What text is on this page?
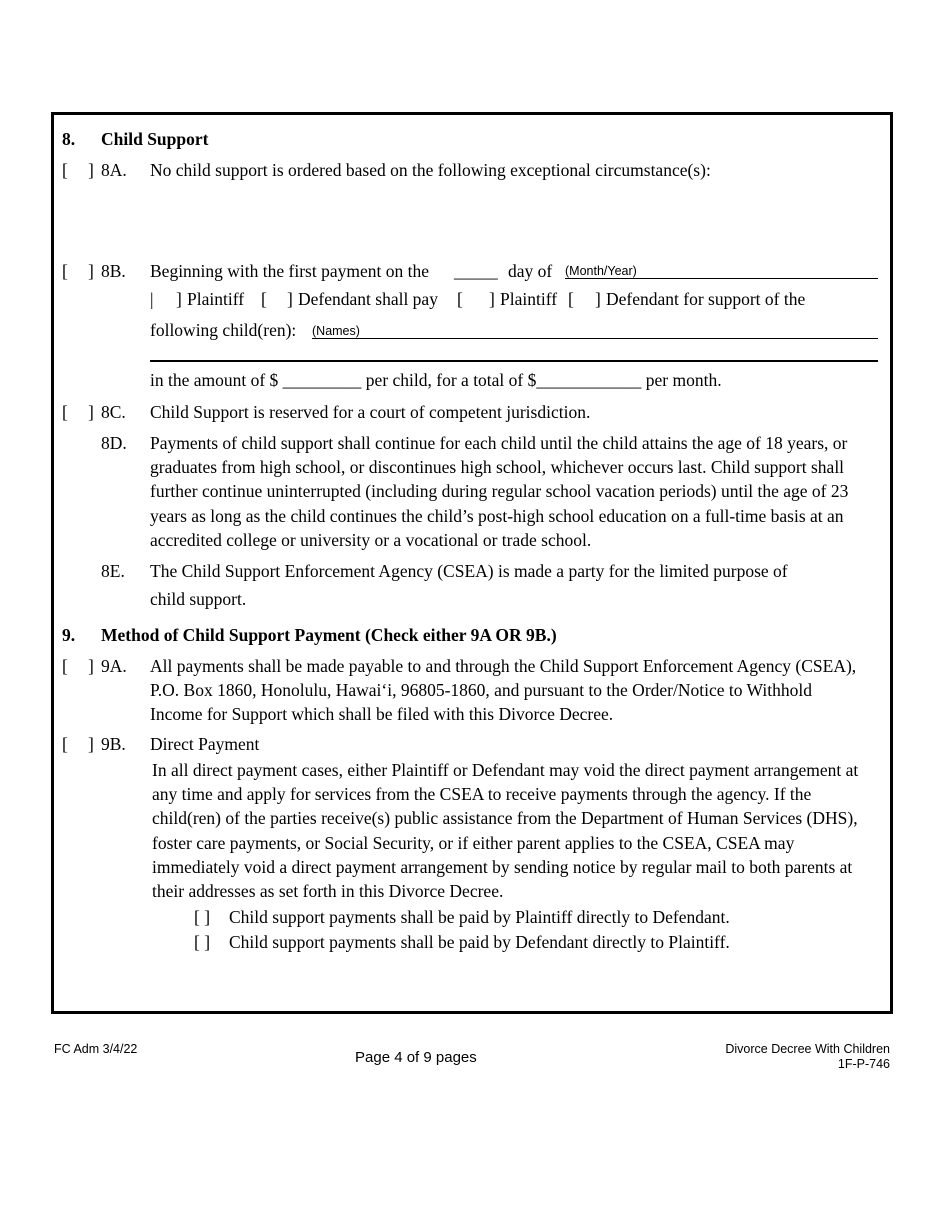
8. Child Support
[ ] 8A. No child support is ordered based on the following exceptional circumstance(s):
[ ] 8B. Beginning with the first payment on the _____ day of (Month/Year)
| ] Plaintiff [ ] Defendant shall pay [ ] Plaintiff [ ] Defendant for support of the
following child(ren): (Names)
in the amount of $ _________ per child, for a total of $____________ per month.
[ ] 8C. Child Support is reserved for a court of competent jurisdiction.
8D. Payments of child support shall continue for each child until the child attains the age of 18 years, or graduates from high school, or discontinues high school, whichever occurs last. Child support shall further continue uninterrupted (including during regular school vacation periods) until the age of 23 years as long as the child continues the child’s post-high school education on a full-time basis at an accredited college or university or a vocational or trade school.
8E. The Child Support Enforcement Agency (CSEA) is made a party for the limited purpose of
child support.
9. Method of Child Support Payment (Check either 9A OR 9B.)
[ ] 9A. All payments shall be made payable to and through the Child Support Enforcement Agency (CSEA), P.O. Box 1860, Honolulu, Hawai‘i, 96805-1860, and pursuant to the Order/Notice to Withhold Income for Support which shall be filed with this Divorce Decree.
[ ] 9B. Direct Payment
In all direct payment cases, either Plaintiff or Defendant may void the direct payment arrangement at any time and apply for services from the CSEA to receive payments through the agency. If the child(ren) of the parties receive(s) public assistance from the Department of Human Services (DHS), foster care payments, or Social Security, or if either parent applies to the CSEA, CSEA may immediately void a direct payment arrangement by sending notice by regular mail to both parents at their addresses as set forth in this Divorce Decree.
[ ] Child support payments shall be paid by Plaintiff directly to Defendant.
[ ] Child support payments shall be paid by Defendant directly to Plaintiff.
FC Adm 3/4/22	Page 4 of 9 pages	Divorce Decree With Children
1F-P-746
